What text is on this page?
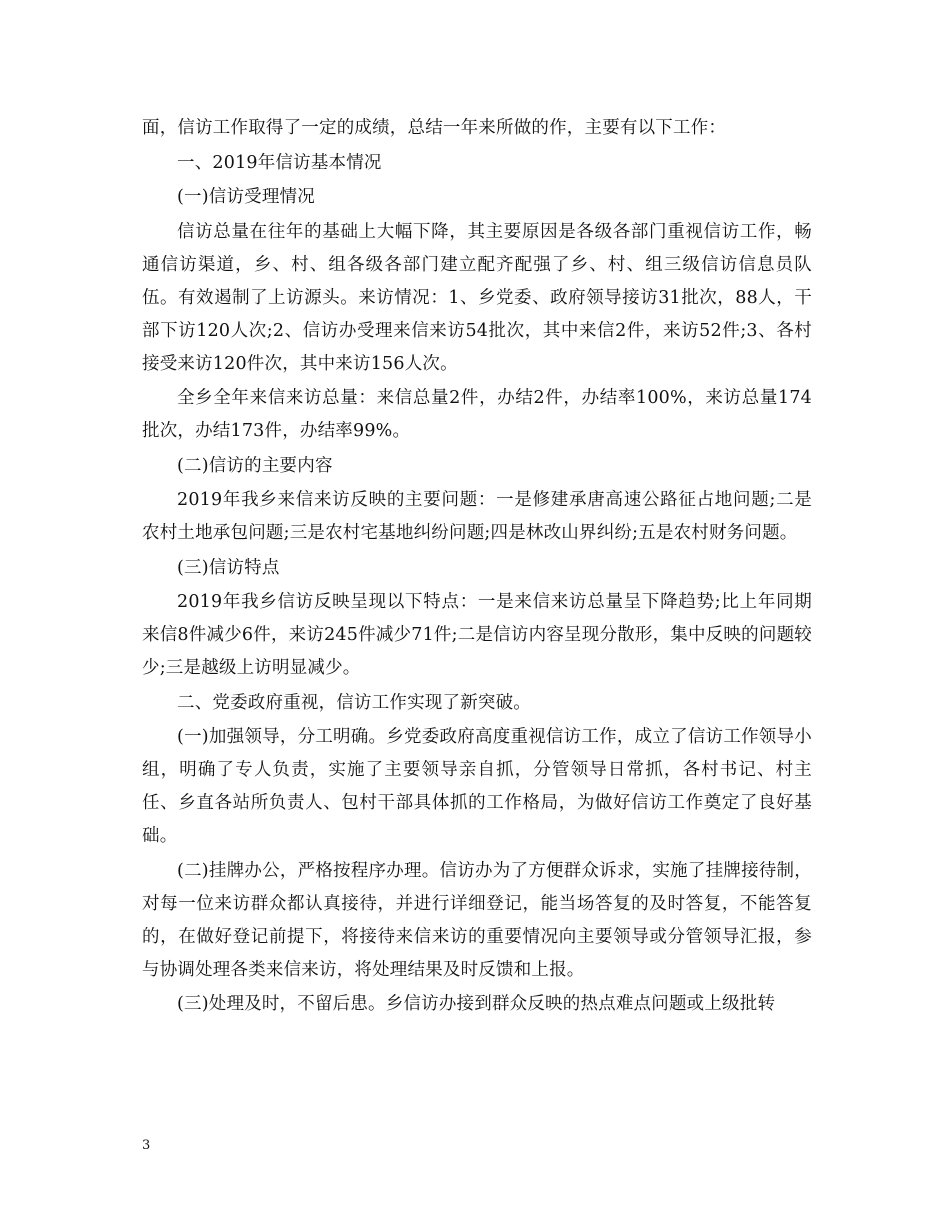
面，信访工作取得了一定的成绩，总结一年来所做的作，主要有以下工作：

一、2019年信访基本情况

(一)信访受理情况

信访总量在往年的基础上大幅下降，其主要原因是各级各部门重视信访工作，畅通信访渠道，乡、村、组各级各部门建立配齐配强了乡、村、组三级信访信息员队伍。有效遏制了上访源头。来访情况：1、乡党委、政府领导接访31批次，88人，干部下访120人次;2、信访办受理来信来访54批次，其中来信2件，来访52件;3、各村接受来访120件次，其中来访156人次。

全乡全年来信来访总量：来信总量2件，办结2件，办结率100%，来访总量174批次，办结173件，办结率99%。

(二)信访的主要内容

2019年我乡来信来访反映的主要问题：一是修建承唐高速公路征占地问题;二是农村土地承包问题;三是农村宅基地纠纷问题;四是林改山界纠纷;五是农村财务问题。

(三)信访特点

2019年我乡信访反映呈现以下特点：一是来信来访总量呈下降趋势;比上年同期来信8件减少6件，来访245件减少71件;二是信访内容呈现分散形，集中反映的问题较少;三是越级上访明显减少。

二、党委政府重视，信访工作实现了新突破。

(一)加强领导，分工明确。乡党委政府高度重视信访工作，成立了信访工作领导小组，明确了专人负责，实施了主要领导亲自抓，分管领导日常抓，各村书记、村主任、乡直各站所负责人、包村干部具体抓的工作格局，为做好信访工作奠定了良好基础。

(二)挂牌办公，严格按程序办理。信访办为了方便群众诉求，实施了挂牌接待制，对每一位来访群众都认真接待，并进行详细登记，能当场答复的及时答复，不能答复的，在做好登记前提下，将接待来信来访的重要情况向主要领导或分管领导汇报，参与协调处理各类来信来访，将处理结果及时反馈和上报。

(三)处理及时，不留后患。乡信访办接到群众反映的热点难点问题或上级批转

3
